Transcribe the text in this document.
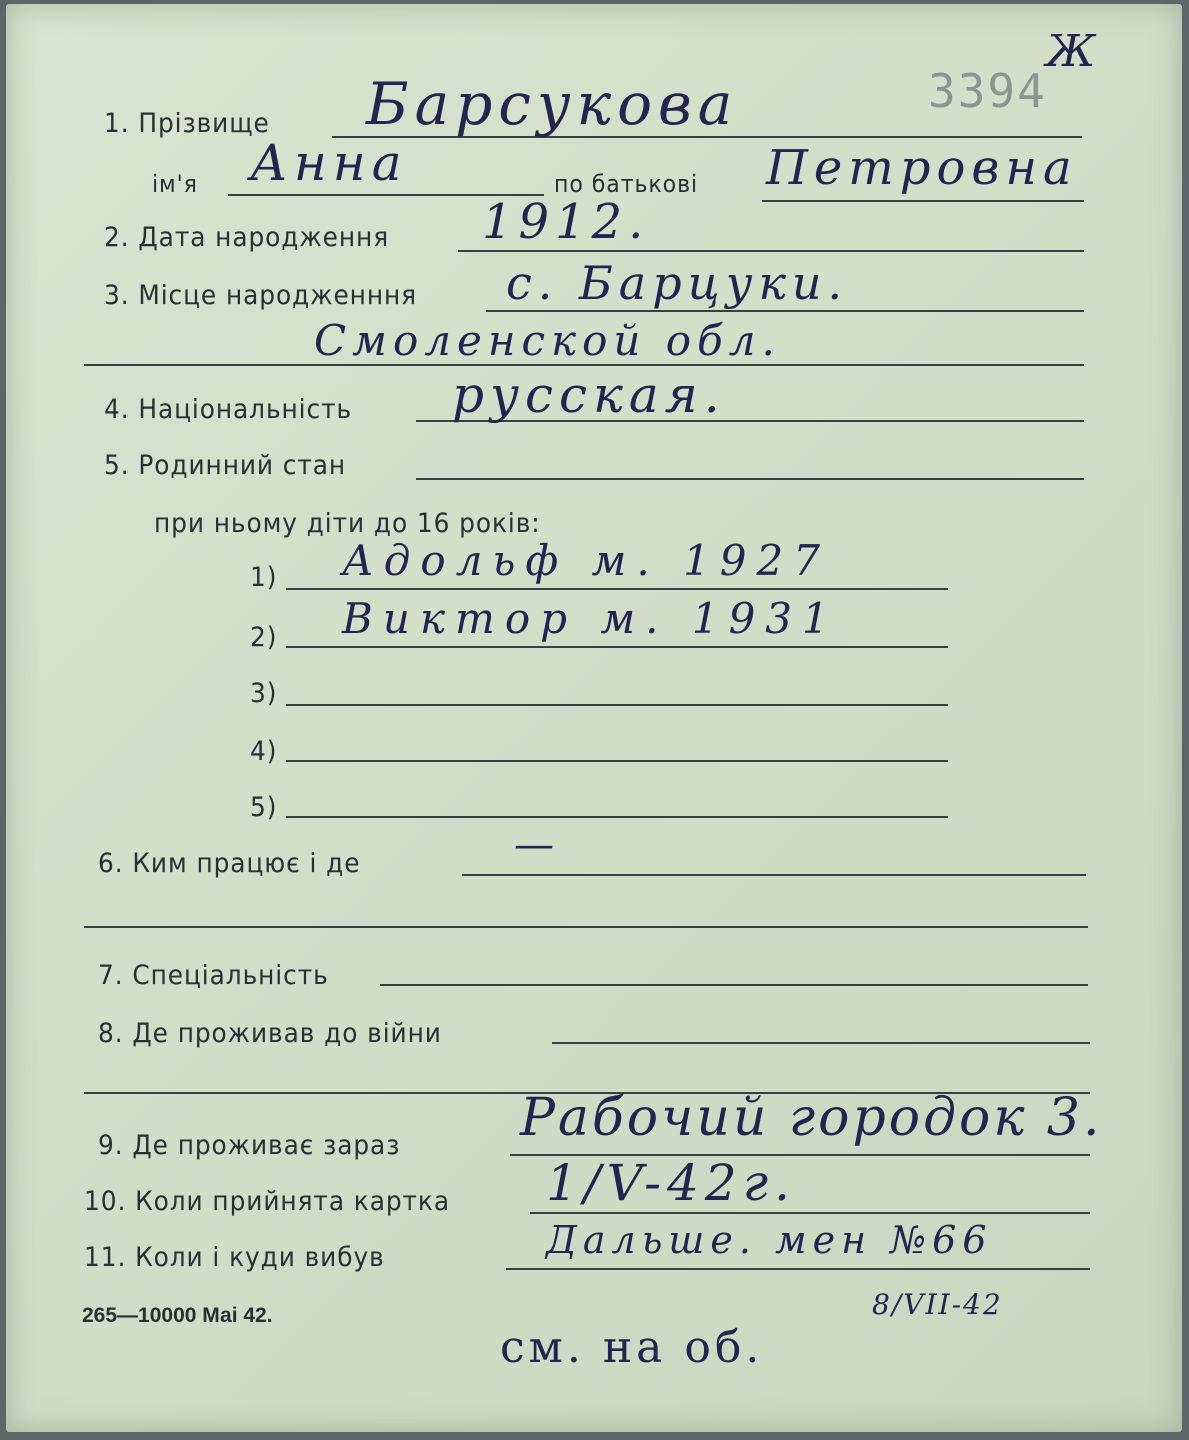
Ж
3394
1. Прізвище Барсукова
ім'я Анна	по батькові Петровна
2. Дата народження 1912.
3. Місце народженння с. Барцуки.
Смоленской обл.
4. Національність русская.
5. Родинний стан
при ньому діти до 16 років:
1) Адольф м. 1927
2) Виктор м. 1931
3)
4)
5)
6. Ким працює і де	—
7. Спеціальність
8. Де проживав до війни
9. Де проживає зараз Рабочий городок 3.
10. Коли прийнята картка 1/V-42г.
11. Коли і куди вибув	Дальше. мен №66
8/VII-42
265—10000 Маі 42.
см. на об.
